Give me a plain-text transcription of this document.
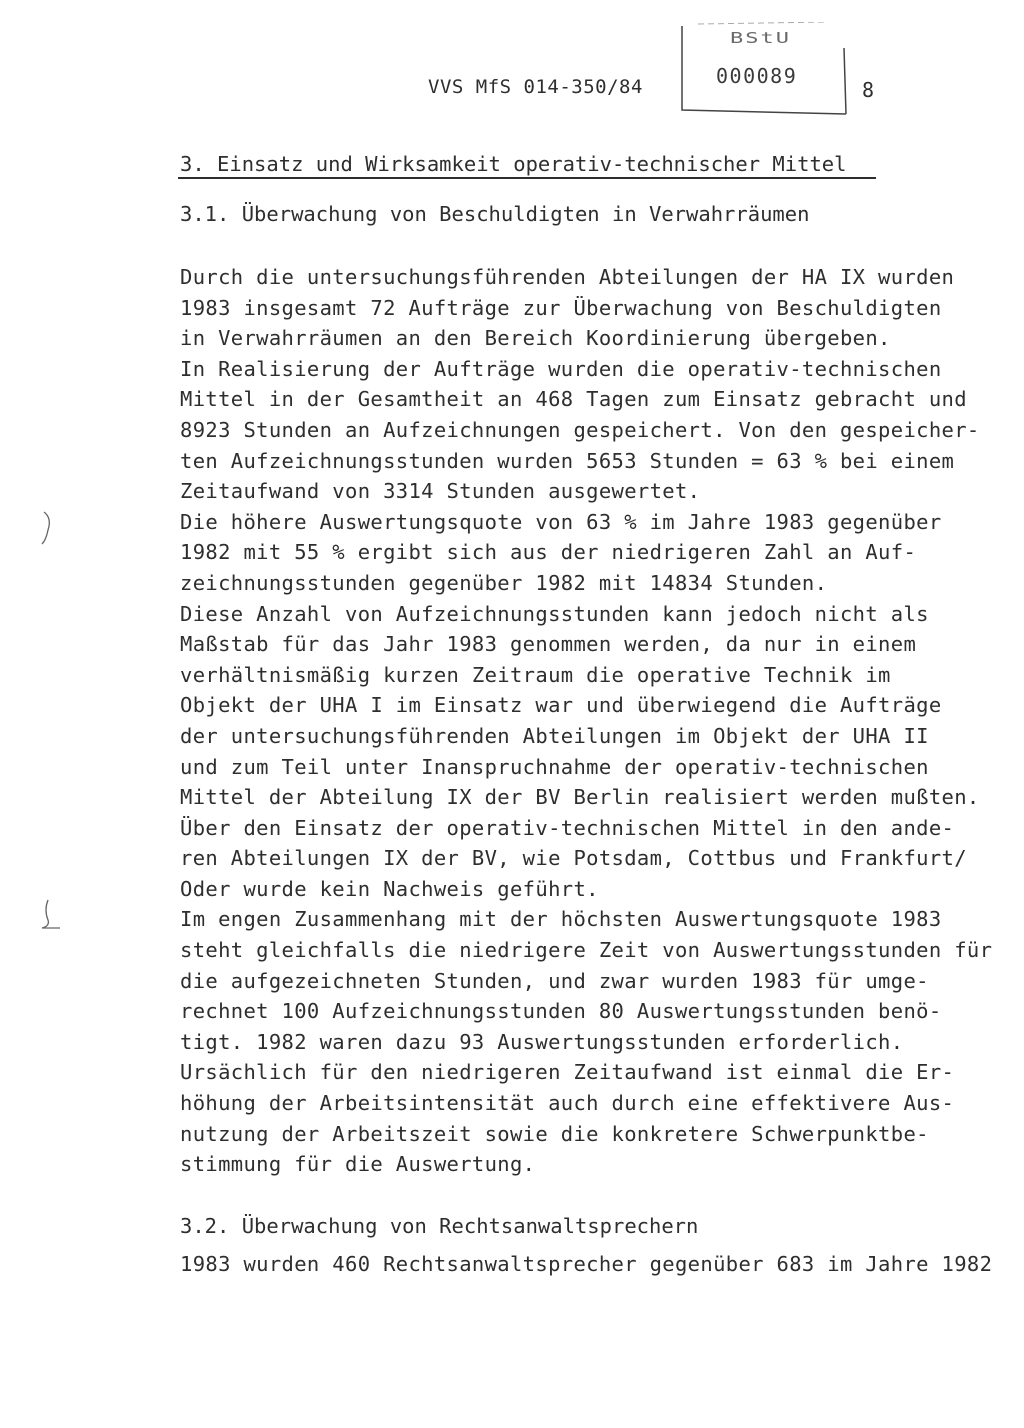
VVS MfS 014-350/84
BStU
000089
8
3. Einsatz und Wirksamkeit operativ-technischer Mittel
3.1. Überwachung von Beschuldigten in Verwahrräumen
Durch die untersuchungsführenden Abteilungen der HA IX wurden
1983 insgesamt 72 Aufträge zur Überwachung von Beschuldigten
in Verwahrräumen an den Bereich Koordinierung übergeben.
In Realisierung der Aufträge wurden die operativ-technischen
Mittel in der Gesamtheit an 468 Tagen zum Einsatz gebracht und
8923 Stunden an Aufzeichnungen gespeichert. Von den gespeicher-
ten Aufzeichnungsstunden wurden 5653 Stunden = 63 % bei einem
Zeitaufwand von 3314 Stunden ausgewertet.
Die höhere Auswertungsquote von 63 % im Jahre 1983 gegenüber
1982 mit 55 % ergibt sich aus der niedrigeren Zahl an Auf-
zeichnungsstunden gegenüber 1982 mit 14834 Stunden.
Diese Anzahl von Aufzeichnungsstunden kann jedoch nicht als
Maßstab für das Jahr 1983 genommen werden, da nur in einem
verhältnismäßig kurzen Zeitraum die operative Technik im
Objekt der UHA I im Einsatz war und überwiegend die Aufträge
der untersuchungsführenden Abteilungen im Objekt der UHA II
und zum Teil unter Inanspruchnahme der operativ-technischen
Mittel der Abteilung IX der BV Berlin realisiert werden mußten.
Über den Einsatz der operativ-technischen Mittel in den ande-
ren Abteilungen IX der BV, wie Potsdam, Cottbus und Frankfurt/
Oder wurde kein Nachweis geführt.
Im engen Zusammenhang mit der höchsten Auswertungsquote 1983
steht gleichfalls die niedrigere Zeit von Auswertungsstunden für
die aufgezeichneten Stunden, und zwar wurden 1983 für umge-
rechnet 100 Aufzeichnungsstunden 80 Auswertungsstunden benö-
tigt. 1982 waren dazu 93 Auswertungsstunden erforderlich.
Ursächlich für den niedrigeren Zeitaufwand ist einmal die Er-
höhung der Arbeitsintensität auch durch eine effektivere Aus-
nutzung der Arbeitszeit sowie die konkretere Schwerpunktbe-
stimmung für die Auswertung.
3.2. Überwachung von Rechtsanwaltsprechern
1983 wurden 460 Rechtsanwaltsprecher gegenüber 683 im Jahre 1982
